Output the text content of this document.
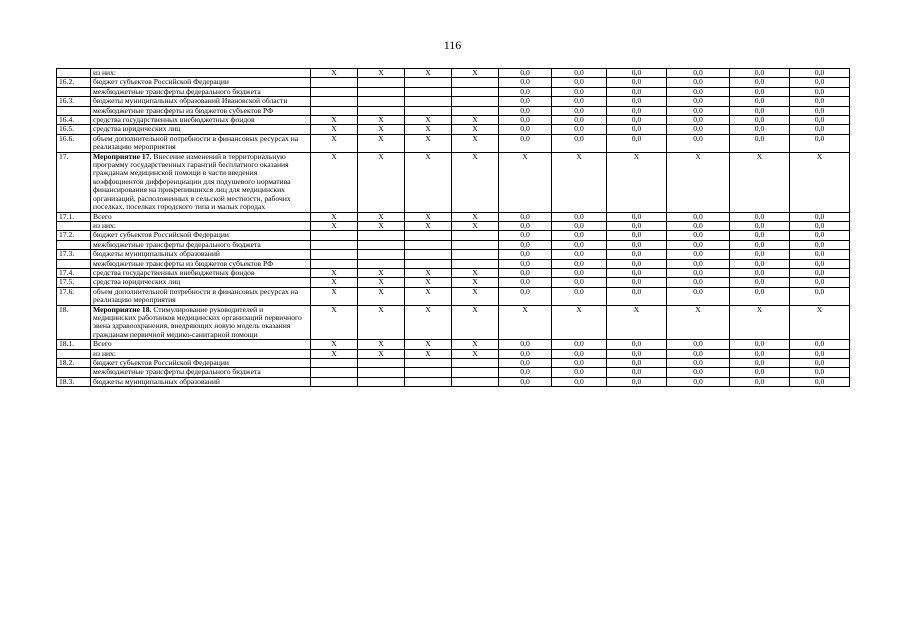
116
	из них:	X	X	X	X	0,0	0,0	0,0	0,0	0,0	0,0
16.2.	бюджет субъектов Российской Федерации					0,0	0,0	0,0	0,0	0,0	0,0
	межбюджетные трансферты федерального бюджета					0,0	0,0	0,0	0,0	0,0	0,0
16.3.	бюджеты муниципальных образований Ивановской области					0,0	0,0	0,0	0,0	0,0	0,0
	межбюджетные трансферты из бюджетов субъектов РФ					0,0	0,0	0,0	0,0	0,0	0,0
16.4.	средства государственных внебюджетных фондов	X	X	X	X	0,0	0,0	0,0	0,0	0,0	0,0
16.5.	средства юридических лиц	X	X	X	X	0,0	0,0	0,0	0,0	0,0	0,0
16.6.	объем дополнительной потребности в финансовых ресурсах на реализацию мероприятия	X	X	X	X	0,0	0,0	0,0	0,0	0,0	0,0
17.	Мероприятие 17. Внесение изменений в территориальную программу государственных гарантий бесплатного оказания гражданам медицинской помощи в части введения коэффициентов дифференциации для подушевого норматива финансирования на прикрепившихся лиц для медицинских организаций, расположенных в сельской местности, рабочих поселках, поселках городского типа и малых городах	X	X	X	X	X	X	X	X	X	X
17.1.	Всего	X	X	X	X	0,0	0,0	0,0	0,0	0,0	0,0
	из них:	X	X	X	X	0,0	0,0	0,0	0,0	0,0	0,0
17.2.	бюджет субъектов Российской Федерации					0,0	0,0	0,0	0,0	0,0	0,0
	межбюджетные трансферты федерального бюджета					0,0	0,0	0,0	0,0	0,0	0,0
17.3.	бюджеты муниципальных образований					0,0	0,0	0,0	0,0	0,0	0,0
	межбюджетные трансферты из бюджетов субъектов РФ					0,0	0,0	0,0	0,0	0,0	0,0
17.4.	средства государственных внебюджетных фондов	X	X	X	X	0,0	0,0	0,0	0,0	0,0	0,0
17.5.	средства юридических лиц	X	X	X	X	0,0	0,0	0,0	0,0	0,0	0,0
17.6.	объем дополнительной потребности в финансовых ресурсах на реализацию мероприятия	X	X	X	X	0,0	0,0	0,0	0,0	0,0	0,0
18.	Мероприятие 18. Стимулирование руководителей и медицинских работников медицинских организаций первичного звена здравоохранения, внедряющих новую модель оказания гражданам первичной медико-санитарной помощи	X	X	X	X	X	X	X	X	X	X
18.1.	Всего	X	X	X	X	0,0	0,0	0,0	0,0	0,0	0,0
	из них:	X	X	X	X	0,0	0,0	0,0	0,0	0,0	0,0
18.2.	бюджет субъектов Российской Федерации					0,0	0,0	0,0	0,0	0,0	0,0
	межбюджетные трансферты федерального бюджета					0,0	0,0	0,0	0,0	0,0	0,0
18.3.	бюджеты муниципальных образований					0,0	0,0	0,0	0,0	0,0	0,0
